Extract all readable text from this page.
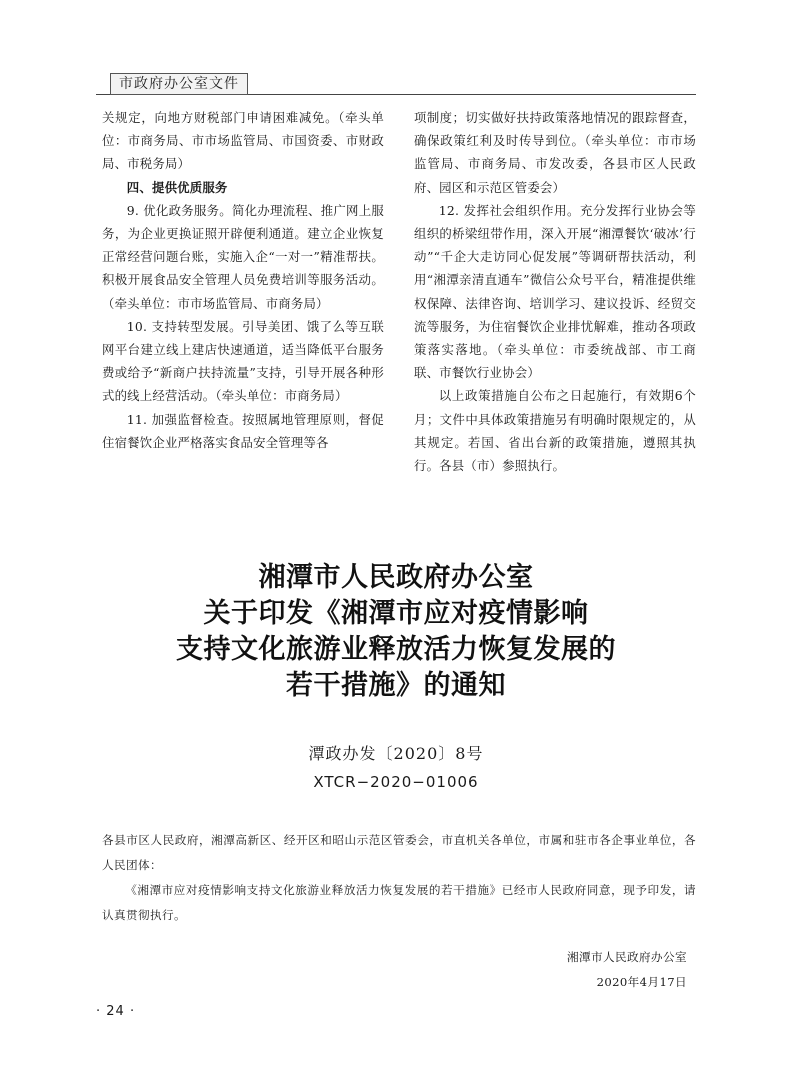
市政府办公室文件

关规定，向地方财税部门申请困难减免。（牵头单位：市商务局、市市场监管局、市国资委、市财政局、市税务局）

四、提供优质服务

9. 优化政务服务。简化办理流程、推广网上服务，为企业更换证照开辟便利通道。建立企业恢复正常经营问题台账，实施入企“一对一”精准帮扶。积极开展食品安全管理人员免费培训等服务活动。（牵头单位：市市场监管局、市商务局）

10. 支持转型发展。引导美团、饿了么等互联网平台建立线上建店快速通道，适当降低平台服务费或给予“新商户扶持流量”支持，引导开展各种形式的线上经营活动。（牵头单位：市商务局）

11. 加强监督检查。按照属地管理原则，督促住宿餐饮企业严格落实食品安全管理等各

项制度；切实做好扶持政策落地情况的跟踪督查，确保政策红利及时传导到位。（牵头单位：市市场监管局、市商务局、市发改委，各县市区人民政府、园区和示范区管委会）

12. 发挥社会组织作用。充分发挥行业协会等组织的桥梁纽带作用，深入开展“湘潭餐饮‘破冰’行动”“千企大走访同心促发展”等调研帮扶活动，利用“湘潭亲清直通车”微信公众号平台，精准提供维权保障、法律咨询、培训学习、建议投诉、经贸交流等服务，为住宿餐饮企业排忧解难，推动各项政策落实落地。（牵头单位：市委统战部、市工商联、市餐饮行业协会）

以上政策措施自公布之日起施行，有效期6个月；文件中具体政策措施另有明确时限规定的，从其规定。若国、省出台新的政策措施，遵照其执行。各县（市）参照执行。

湘潭市人民政府办公室
关于印发《湘潭市应对疫情影响
支持文化旅游业释放活力恢复发展的
若干措施》的通知
潭政办发〔2020〕8号
XTCR−2020−01006

各县市区人民政府，湘潭高新区、经开区和昭山示范区管委会，市直机关各单位，市属和驻市各企事业单位，各人民团体：

《湘潭市应对疫情影响支持文化旅游业释放活力恢复发展的若干措施》已经市人民政府同意，现予印发，请认真贯彻执行。

湘潭市人民政府办公室
2020年4月17日
· 24 ·
